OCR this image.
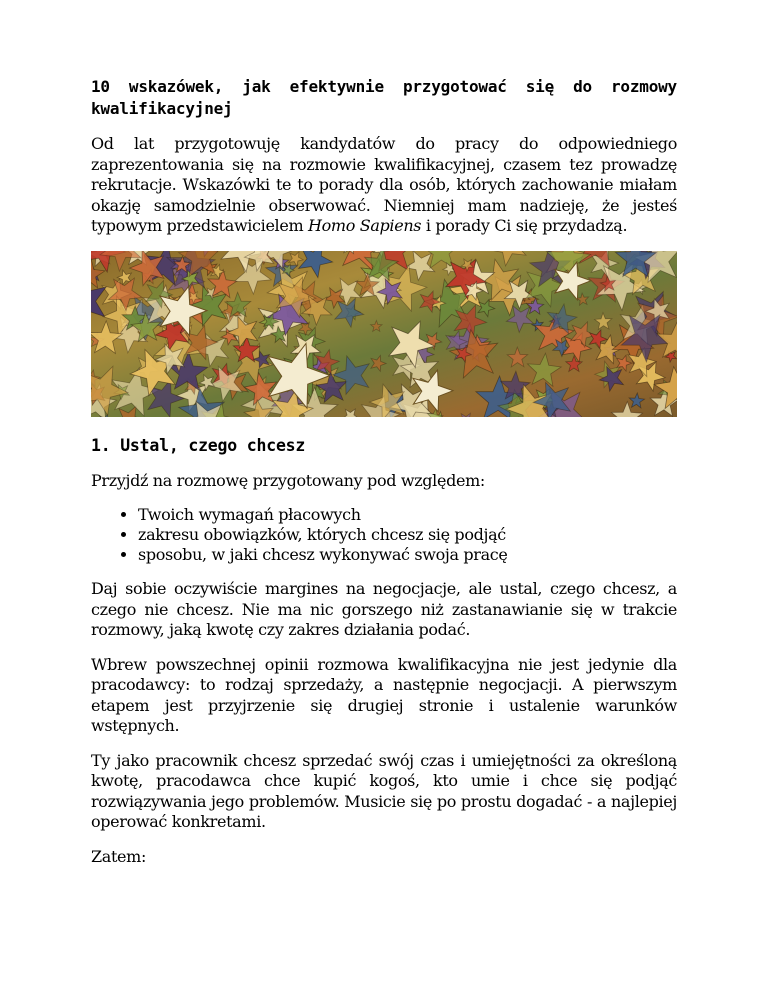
10 wskazówek, jak efektywnie przygotować się do rozmowy kwalifikacyjnej

Od lat przygotowuję kandydatów do pracy do odpowiedniego zaprezentowania się na rozmowie kwalifikacyjnej, czasem tez prowadzę rekrutacje. Wskazówki te to porady dla osób, których zachowanie miałam okazję samodzielnie obserwować. Niemniej mam nadzieję, że jesteś typowym przedstawicielem Homo Sapiens i porady Ci się przydadzą.

1. Ustal, czego chcesz

Przyjdź na rozmowę przygotowany pod względem:

• Twoich wymagań płacowych
• zakresu obowiązków, których chcesz się podjąć
• sposobu, w jaki chcesz wykonywać swoja pracę

Daj sobie oczywiście margines na negocjacje, ale ustal, czego chcesz, a czego nie chcesz. Nie ma nic gorszego niż zastanawianie się w trakcie rozmowy, jaką kwotę czy zakres działania podać.

Wbrew powszechnej opinii rozmowa kwalifikacyjna nie jest jedynie dla pracodawcy: to rodzaj sprzedaży, a następnie negocjacji. A pierwszym etapem jest przyjrzenie się drugiej stronie i ustalenie warunków wstępnych.

Ty jako pracownik chcesz sprzedać swój czas i umiejętności za określoną kwotę, pracodawca chce kupić kogoś, kto umie i chce się podjąć rozwiązywania jego problemów. Musicie się po prostu dogadać - a najlepiej operować konkretami.

Zatem:
